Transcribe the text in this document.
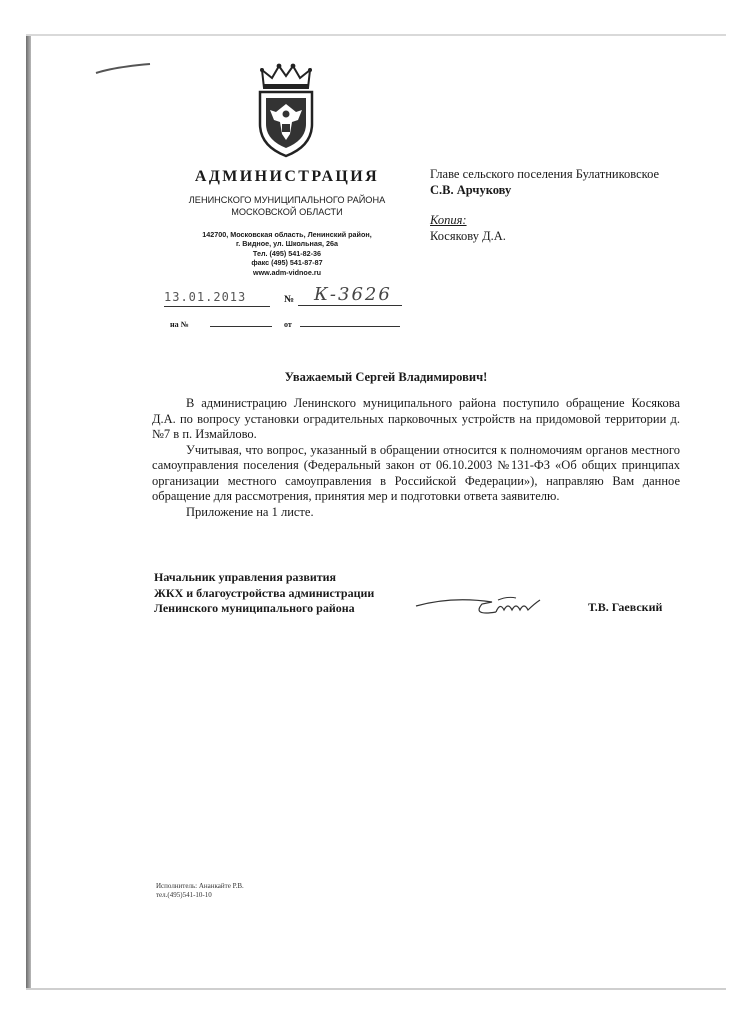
АДМИНИСТРАЦИЯ
ЛЕНИНСКОГО МУНИЦИПАЛЬНОГО РАЙОНА
МОСКОВСКОЙ ОБЛАСТИ
142700, Московская область, Ленинский район,
г. Видное, ул. Школьная, 26а
Тел. (495) 541-82-36
факс (495) 541-87-87
www.adm-vidnoe.ru
13.01.2013	№	К-3626
на №	от
Главе сельского поселения Булатниковское
С.В. Арчукову
Копия:
Косякову Д.А.
Уважаемый Сергей Владимирович!

В администрацию Ленинского муниципального района поступило обращение Косякова Д.А. по вопросу установки оградительных парковочных устройств на придомовой территории д.№7 в п. Измайлово.

Учитывая, что вопрос, указанный в обращении относится к полномочиям органов местного самоуправления поселения (Федеральный закон от 06.10.2003 №131-ФЗ «Об общих принципах организации местного самоуправления в Российской Федерации»), направляю Вам данное обращение для рассмотрения, принятия мер и подготовки ответа заявителю.

Приложение на 1 листе.

Начальник управления развития
ЖКХ и благоустройства администрации
Ленинского муниципального района	Т.В. Гаевский
Исполнитель: Ананкайте Р.В.
тел.(495)541-10-10
